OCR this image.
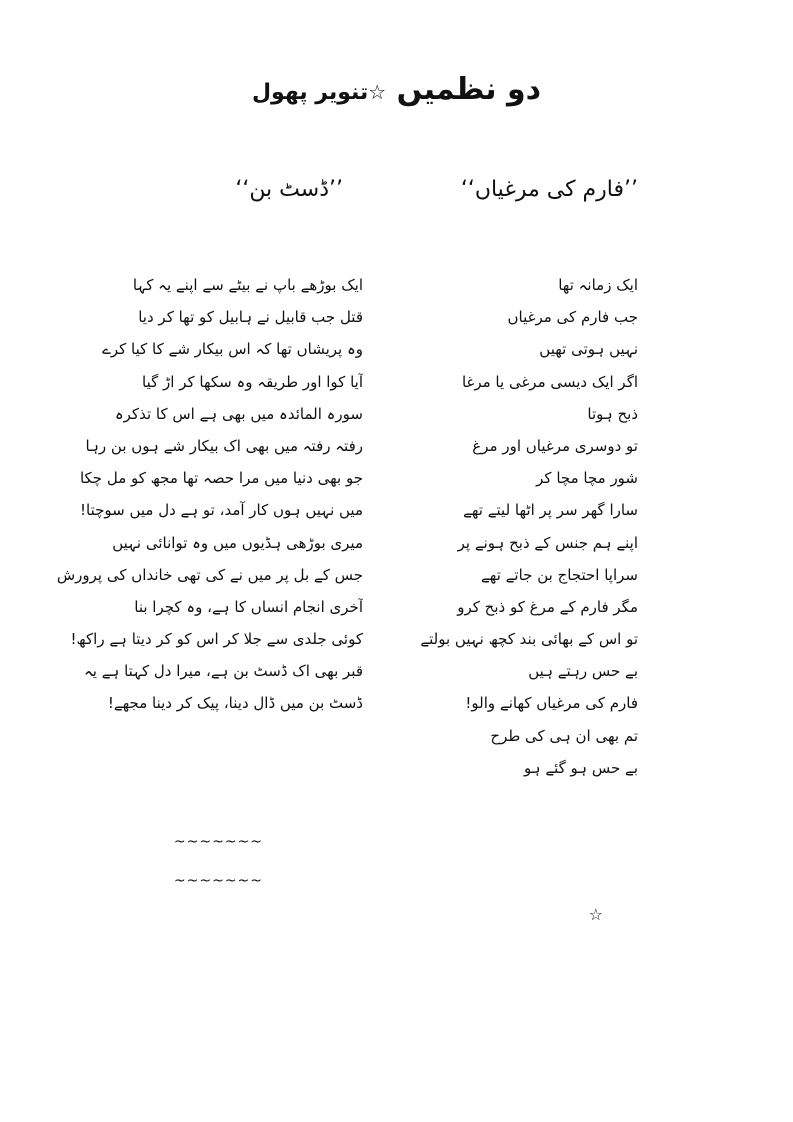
دو نظمیں ☆تنویر پھول
’’فارم کی مرغیاں‘‘
ایک زمانہ تھا
جب فارم کی مرغیاں
نہیں ہوتی تھیں
اگر ایک دیسی مرغی یا مرغا
ذبح ہوتا
تو دوسری مرغیاں اور مرغ
شور مچا مچا کر
سارا گھر سر پر اٹھا لیتے تھے
اپنے ہم جنس کے ذبح ہونے پر
سراپا احتجاج بن جاتے تھے
مگر فارم کے مرغ کو ذبح کرو
تو اس کے بھائی بند کچھ نہیں بولتے
بے حس رہتے ہیں
فارم کی مرغیاں کھانے والو!
تم بھی ان ہی کی طرح
بے حس ہو گئے ہو
☆
’’ڈسٹ بن‘‘
ایک بوڑھے باپ نے بیٹے سے اپنے یہ کہا
قتل جب قابیل نے ہابیل کو تھا کر دیا
وہ پریشاں تھا کہ اس بیکار شے کا کیا کرے
آیا کوا اور طریقہ وہ سکھا کر اڑ گیا
سورہ المائدہ میں بھی ہے اس کا تذکرہ
رفتہ رفتہ میں بھی اک بیکار شے ہوں بن رہا
جو بھی دنیا میں مرا حصہ تھا مجھ کو مل چکا
میں نہیں ہوں کار آمد، تو ہے دل میں سوچتا!
میری بوڑھی ہڈیوں میں وہ توانائی نہیں
جس کے بل پر میں نے کی تھی خانداں کی پرورش
آخری انجام انساں کا ہے، وہ کچرا بنا
کوئی جلدی سے جلا کر اس کو کر دیتا ہے راکھ!
قبر بھی اک ڈسٹ بن ہے، میرا دل کہتا ہے یہ
ڈسٹ بن میں ڈال دینا، پیک کر دینا مجھے!
~~~~~~~
~~~~~~~
